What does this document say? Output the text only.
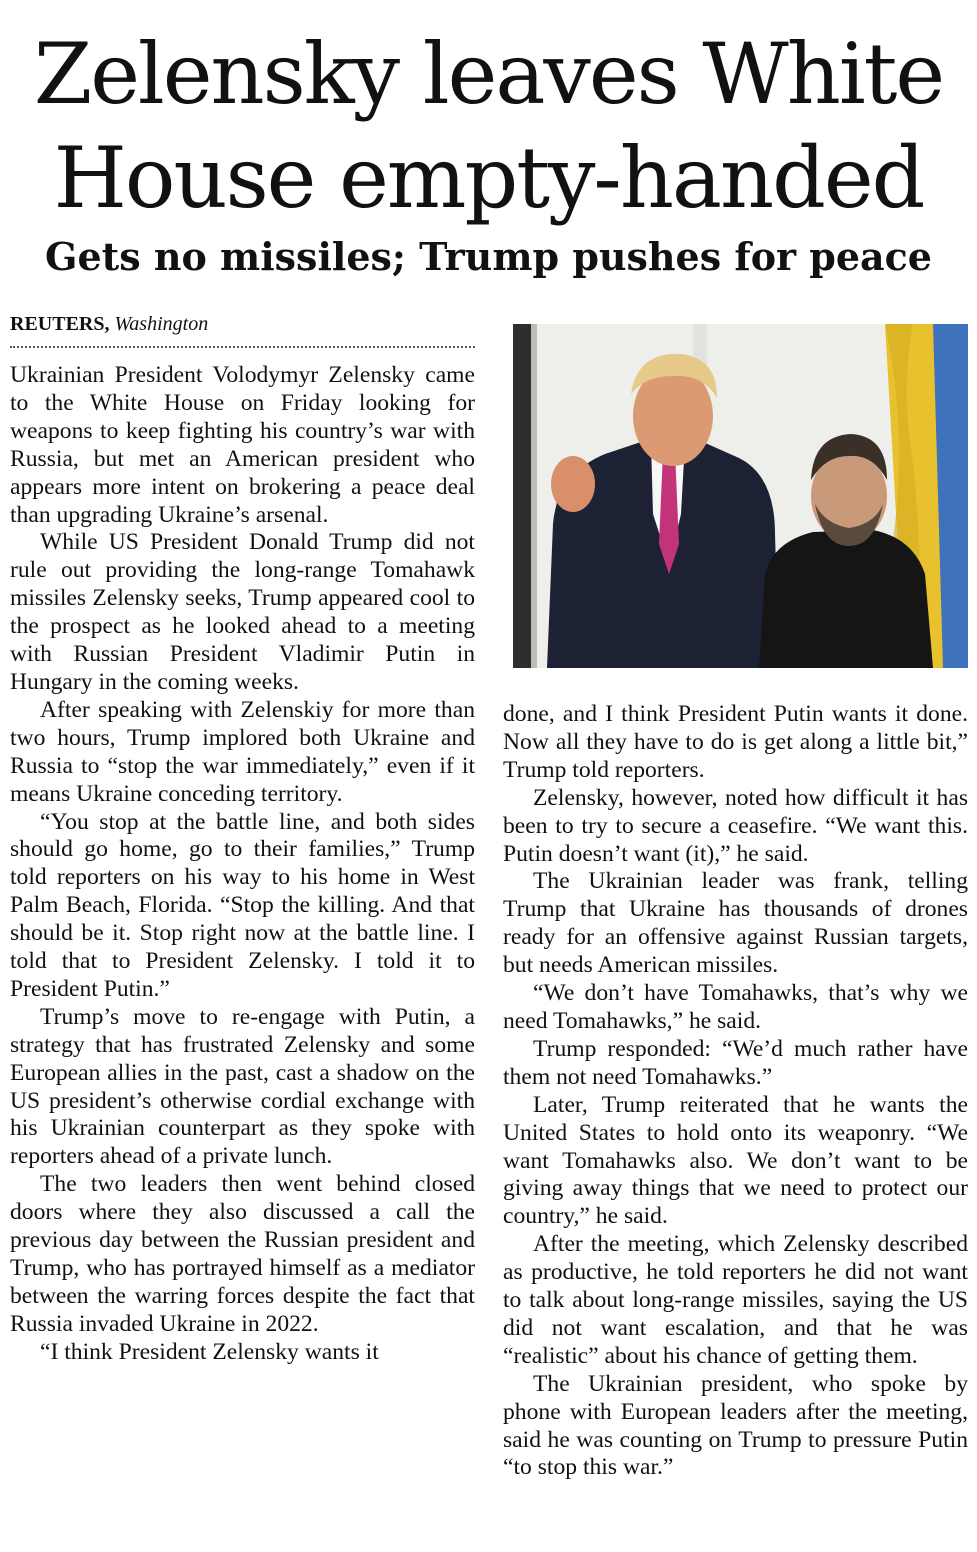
Zelensky leaves White
House empty-handed
Gets no missiles; Trump pushes for peace
REUTERS, Washington

Ukrainian President Volodymyr Zelensky came to the White House on Friday looking for weapons to keep fighting his country’s war with Russia, but met an American president who appears more intent on brokering a peace deal than upgrading Ukraine’s arsenal.

While US President Donald Trump did not rule out providing the long-range Tomahawk missiles Zelensky seeks, Trump appeared cool to the prospect as he looked ahead to a meeting with Russian President Vladimir Putin in Hungary in the coming weeks.

After speaking with Zelenskiy for more than two hours, Trump implored both Ukraine and Russia to “stop the war immediately,” even if it means Ukraine conceding territory.

“You stop at the battle line, and both sides should go home, go to their families,” Trump told reporters on his way to his home in West Palm Beach, Florida. “Stop the killing. And that should be it. Stop right now at the battle line. I told that to President Zelensky. I told it to President Putin.”

Trump’s move to re-engage with Putin, a strategy that has frustrated Zelensky and some European allies in the past, cast a shadow on the US president’s otherwise cordial exchange with his Ukrainian counterpart as they spoke with reporters ahead of a private lunch.

The two leaders then went behind closed doors where they also discussed a call the previous day between the Russian president and Trump, who has portrayed himself as a mediator between the warring forces despite the fact that Russia invaded Ukraine in 2022.

“I think President Zelensky wants it

done, and I think President Putin wants it done. Now all they have to do is get along a little bit,” Trump told reporters.

Zelensky, however, noted how difficult it has been to try to secure a ceasefire. “We want this. Putin doesn’t want (it),” he said.

The Ukrainian leader was frank, telling Trump that Ukraine has thousands of drones ready for an offensive against Russian targets, but needs American missiles.

“We don’t have Tomahawks, that’s why we need Tomahawks,” he said.

Trump responded: “We’d much rather have them not need Tomahawks.”

Later, Trump reiterated that he wants the United States to hold onto its weaponry. “We want Tomahawks also. We don’t want to be giving away things that we need to protect our country,” he said.

After the meeting, which Zelensky described as productive, he told reporters he did not want to talk about long-range missiles, saying the US did not want escalation, and that he was “realistic” about his chance of getting them.

The Ukrainian president, who spoke by phone with European leaders after the meeting, said he was counting on Trump to pressure Putin “to stop this war.”
